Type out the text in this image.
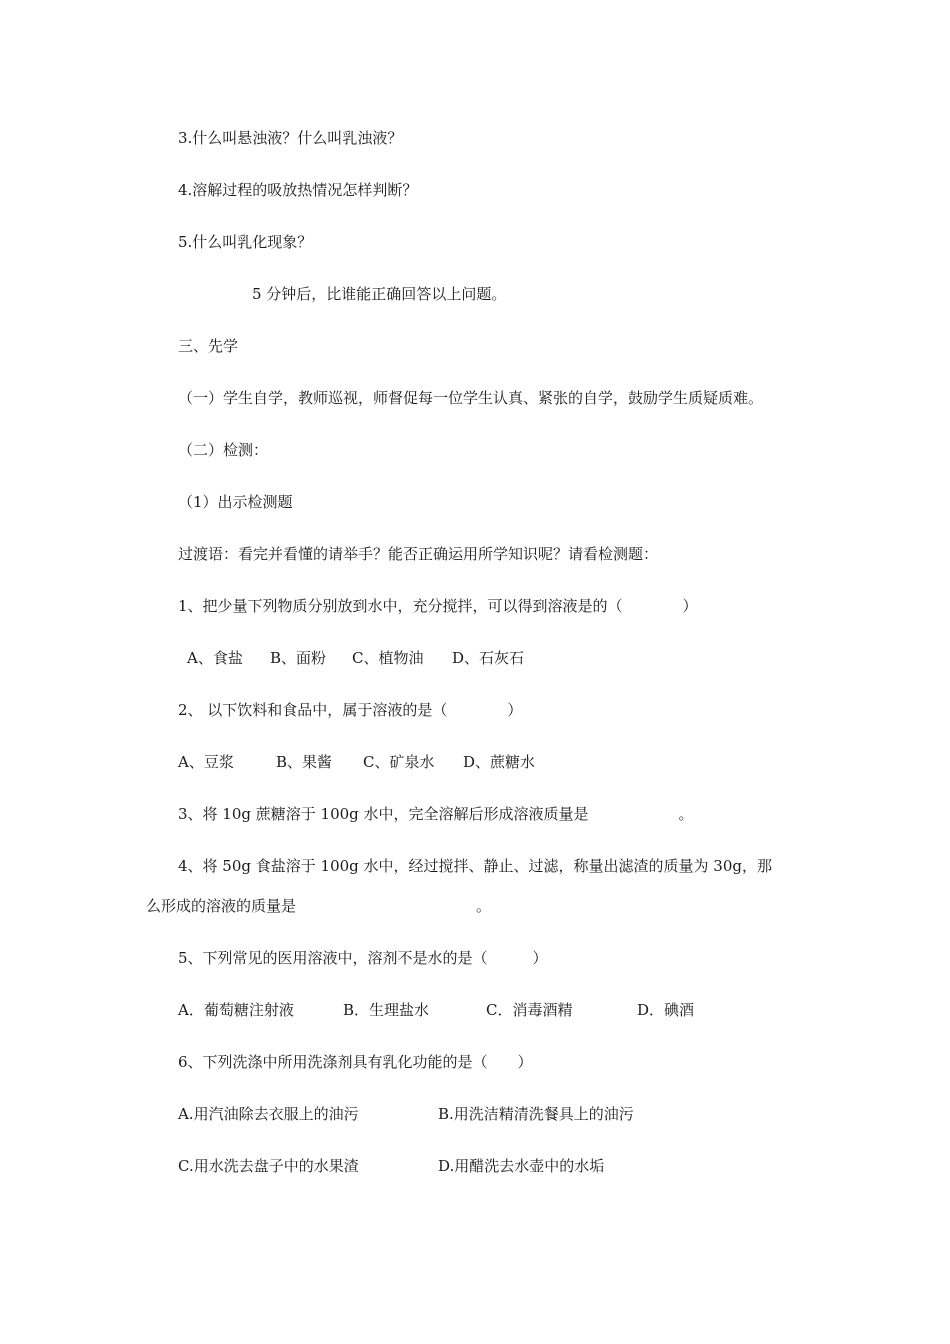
3.什么叫悬浊液？什么叫乳浊液？
4.溶解过程的吸放热情况怎样判断？
5.什么叫乳化现象？
5 分钟后，比谁能正确回答以上问题。
三、先学
（一）学生自学，教师巡视，师督促每一位学生认真、紧张的自学，鼓励学生质疑质难。
（二）检测：
（1）出示检测题
过渡语：看完并看懂的请举手？能否正确运用所学知识呢？请看检测题：
1、把少量下列物质分别放到水中，充分搅拌，可以得到溶液是的（　　　　）
A、食盐 B、面粉 C、植物油 D、石灰石
2、 以下饮料和食品中，属于溶液的是（　　　　）
A、豆浆	B、果酱 C、矿泉水 D、蔗糖水
3、将 10g 蔗糖溶于 100g 水中，完全溶解后形成溶液质量是　　　　　　。
4、将 50g 食盐溶于 100g 水中，经过搅拌、静止、过滤，称量出滤渣的质量为 30g，那
么形成的溶液的质量是　　　　　　　　　　　　。
5、下列常见的医用溶液中，溶剂不是水的是（　　　）
A．葡萄糖注射液	B．生理盐水	C．消毒酒精	D．碘酒
6、下列洗涤中所用洗涤剂具有乳化功能的是（　　）
A.用汽油除去衣服上的油污	B.用洗洁精清洗餐具上的油污
C.用水洗去盘子中的水果渣	D.用醋洗去水壶中的水垢
